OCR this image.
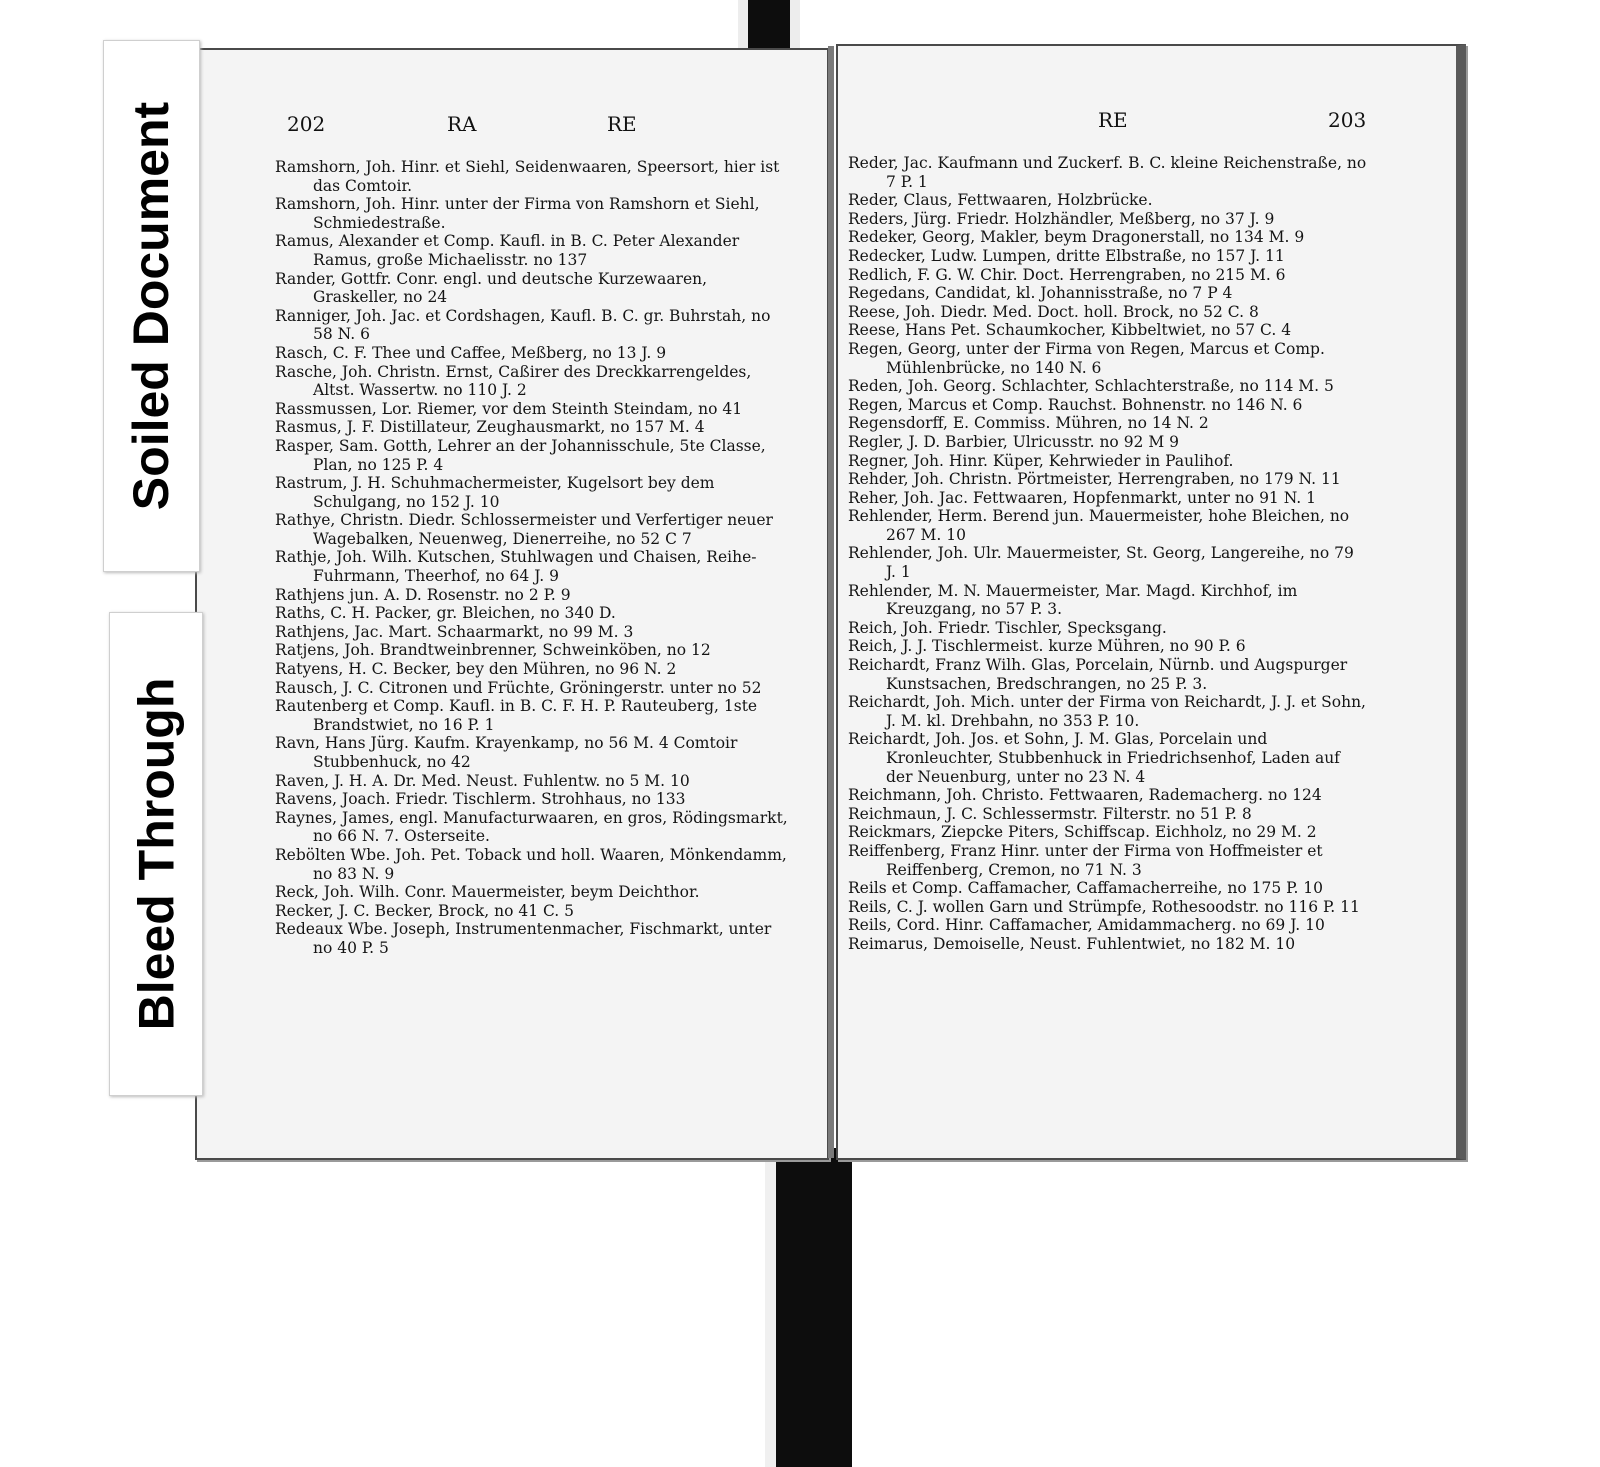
202	RA	RE

Ramshorn, Joh. Hinr. et Siehl, Seidenwaaren, Speersort, hier ist das Comtoir.

Ramshorn, Joh. Hinr. unter der Firma von Ramshorn et Siehl, Schmiedestraße.

Ramus, Alexander et Comp. Kaufl. in B. C. Peter Alexander Ramus, große Michaelisstr. no 137

Rander, Gottfr. Conr. engl. und deutsche Kurzewaaren, Graskeller, no 24

Ranniger, Joh. Jac. et Cordshagen, Kaufl. B. C. gr. Buhrstah, no 58 N. 6

Rasch, C. F. Thee und Caffee, Meßberg, no 13 J. 9

Rasche, Joh. Christn. Ernst, Caßirer des Dreckkarrengeldes, Altst. Wassertw. no 110 J. 2

Rassmussen, Lor. Riemer, vor dem Steinth Steindam, no 41

Rasmus, J. F. Distillateur, Zeughausmarkt, no 157 M. 4

Rasper, Sam. Gotth, Lehrer an der Johannisschule, 5te Classe, Plan, no 125 P. 4

Rastrum, J. H. Schuhmachermeister, Kugelsort bey dem Schulgang, no 152 J. 10

Rathye, Christn. Diedr. Schlossermeister und Verfertiger neuer Wagebalken, Neuenweg, Dienerreihe, no 52 C 7

Rathje, Joh. Wilh. Kutschen, Stuhlwagen und Chaisen, Reihe-Fuhrmann, Theerhof, no 64 J. 9

Rathjens jun. A. D. Rosenstr. no 2 P. 9

Raths, C. H. Packer, gr. Bleichen, no 340 D.

Rathjens, Jac. Mart. Schaarmarkt, no 99 M. 3

Ratjens, Joh. Brandtweinbrenner, Schweinköben, no 12

Ratyens, H. C. Becker, bey den Mühren, no 96 N. 2

Rausch, J. C. Citronen und Früchte, Gröningerstr. unter no 52

Rautenberg et Comp. Kaufl. in B. C. F. H. P. Rauteuberg, 1ste Brandstwiet, no 16 P. 1

Ravn, Hans Jürg. Kaufm. Krayenkamp, no 56 M. 4 Comtoir Stubbenhuck, no 42

Raven, J. H. A. Dr. Med. Neust. Fuhlentw. no 5 M. 10

Ravens, Joach. Friedr. Tischlerm. Strohhaus, no 133

Raynes, James, engl. Manufacturwaaren, en gros, Rödingsmarkt, no 66 N. 7. Osterseite.

Rebölten Wbe. Joh. Pet. Toback und holl. Waaren, Mönkendamm, no 83 N. 9

Reck, Joh. Wilh. Conr. Mauermeister, beym Deichthor.

Recker, J. C. Becker, Brock, no 41 C. 5

Redeaux Wbe. Joseph, Instrumentenmacher, Fischmarkt, unter no 40 P. 5

RE	203

Reder, Jac. Kaufmann und Zuckerf. B. C. kleine Reichenstraße, no 7 P. 1

Reder, Claus, Fettwaaren, Holzbrücke.

Reders, Jürg. Friedr. Holzhändler, Meßberg, no 37 J. 9

Redeker, Georg, Makler, beym Dragonerstall, no 134 M. 9

Redecker, Ludw. Lumpen, dritte Elbstraße, no 157 J. 11

Redlich, F. G. W. Chir. Doct. Herrengraben, no 215 M. 6

Regedans, Candidat, kl. Johannisstraße, no 7 P 4

Reese, Joh. Diedr. Med. Doct. holl. Brock, no 52 C. 8

Reese, Hans Pet. Schaumkocher, Kibbeltwiet, no 57 C. 4

Regen, Georg, unter der Firma von Regen, Marcus et Comp. Mühlenbrücke, no 140 N. 6

Reden, Joh. Georg. Schlachter, Schlachterstraße, no 114 M. 5

Regen, Marcus et Comp. Rauchst. Bohnenstr. no 146 N. 6

Regensdorff, E. Commiss. Mühren, no 14 N. 2

Regler, J. D. Barbier, Ulricusstr. no 92 M 9

Regner, Joh. Hinr. Küper, Kehrwieder in Paulihof.

Rehder, Joh. Christn. Pörtmeister, Herrengraben, no 179 N. 11

Reher, Joh. Jac. Fettwaaren, Hopfenmarkt, unter no 91 N. 1

Rehlender, Herm. Berend jun. Mauermeister, hohe Bleichen, no 267 M. 10

Rehlender, Joh. Ulr. Mauermeister, St. Georg, Langereihe, no 79 J. 1

Rehlender, M. N. Mauermeister, Mar. Magd. Kirchhof, im Kreuzgang, no 57 P. 3.

Reich, Joh. Friedr. Tischler, Specksgang.

Reich, J. J. Tischlermeist. kurze Mühren, no 90 P. 6

Reichardt, Franz Wilh. Glas, Porcelain, Nürnb. und Augspurger Kunstsachen, Bredschrangen, no 25 P. 3.

Reichardt, Joh. Mich. unter der Firma von Reichardt, J. J. et Sohn, J. M. kl. Drehbahn, no 353 P. 10.

Reichardt, Joh. Jos. et Sohn, J. M. Glas, Porcelain und Kronleuchter, Stubbenhuck in Friedrichsenhof, Laden auf der Neuenburg, unter no 23 N. 4

Reichmann, Joh. Christo. Fettwaaren, Rademacherg. no 124

Reichmaun, J. C. Schlessermstr. Filterstr. no 51 P. 8

Reickmars, Ziepcke Piters, Schiffscap. Eichholz, no 29 M. 2

Reiffenberg, Franz Hinr. unter der Firma von Hoffmeister et Reiffenberg, Cremon, no 71 N. 3

Reils et Comp. Caffamacher, Caffamacherreihe, no 175 P. 10

Reils, C. J. wollen Garn und Strümpfe, Rothesoodstr. no 116 P. 11

Reils, Cord. Hinr. Caffamacher, Amidammacherg. no 69 J. 10

Reimarus, Demoiselle, Neust. Fuhlentwiet, no 182 M. 10

Soiled Document
Bleed Through
